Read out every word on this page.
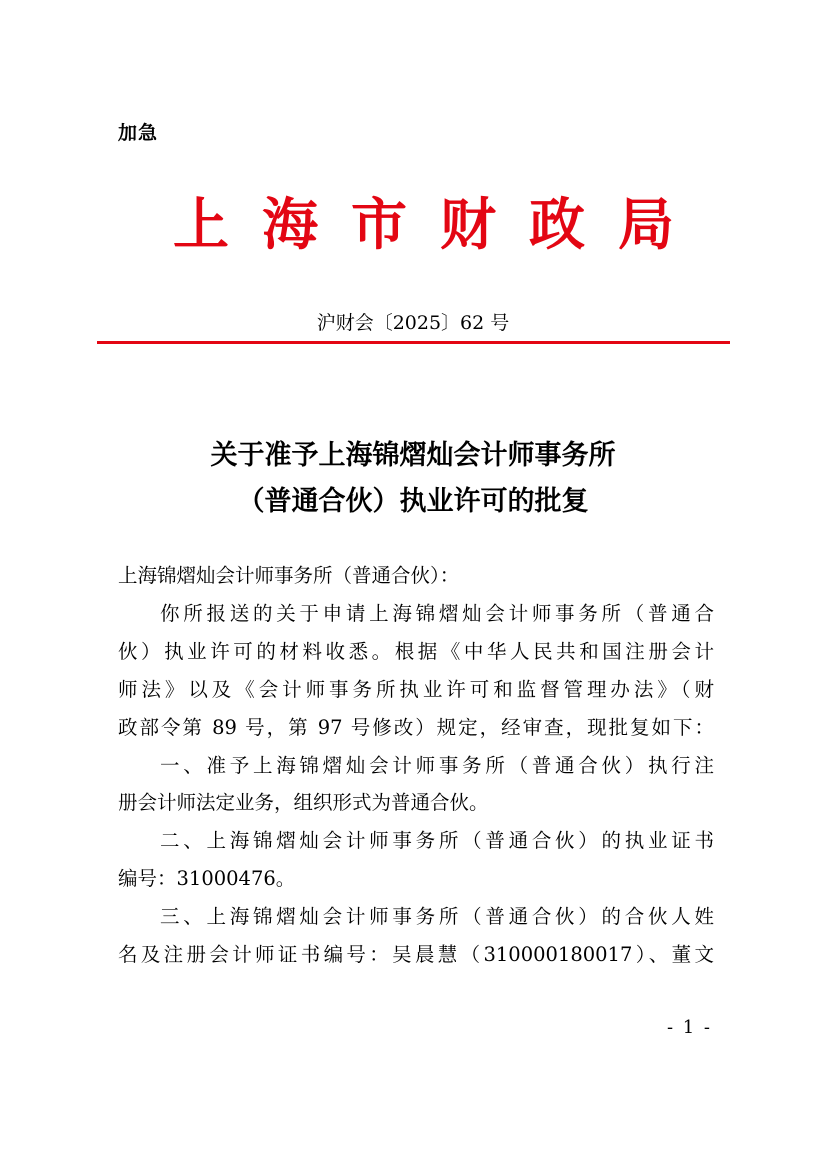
加急
上海市财政局
沪财会〔2025〕62 号
关于准予上海锦熠灿会计师事务所
（普通合伙）执业许可的批复

上海锦熠灿会计师事务所（普通合伙）：

你所报送的关于申请上海锦熠灿会计师事务所（普通合

伙）执业许可的材料收悉。根据《中华人民共和国注册会计

师法》以及《会计师事务所执业许可和监督管理办法》（财

政部令第 89 号，第 97 号修改）规定，经审查，现批复如下：

一、准予上海锦熠灿会计师事务所（普通合伙）执行注

册会计师法定业务，组织形式为普通合伙。

二、上海锦熠灿会计师事务所（普通合伙）的执业证书

编号：31000476。

三、上海锦熠灿会计师事务所（普通合伙）的合伙人姓

名及注册会计师证书编号：吴晨慧（310000180017）、董文

- 1 -
